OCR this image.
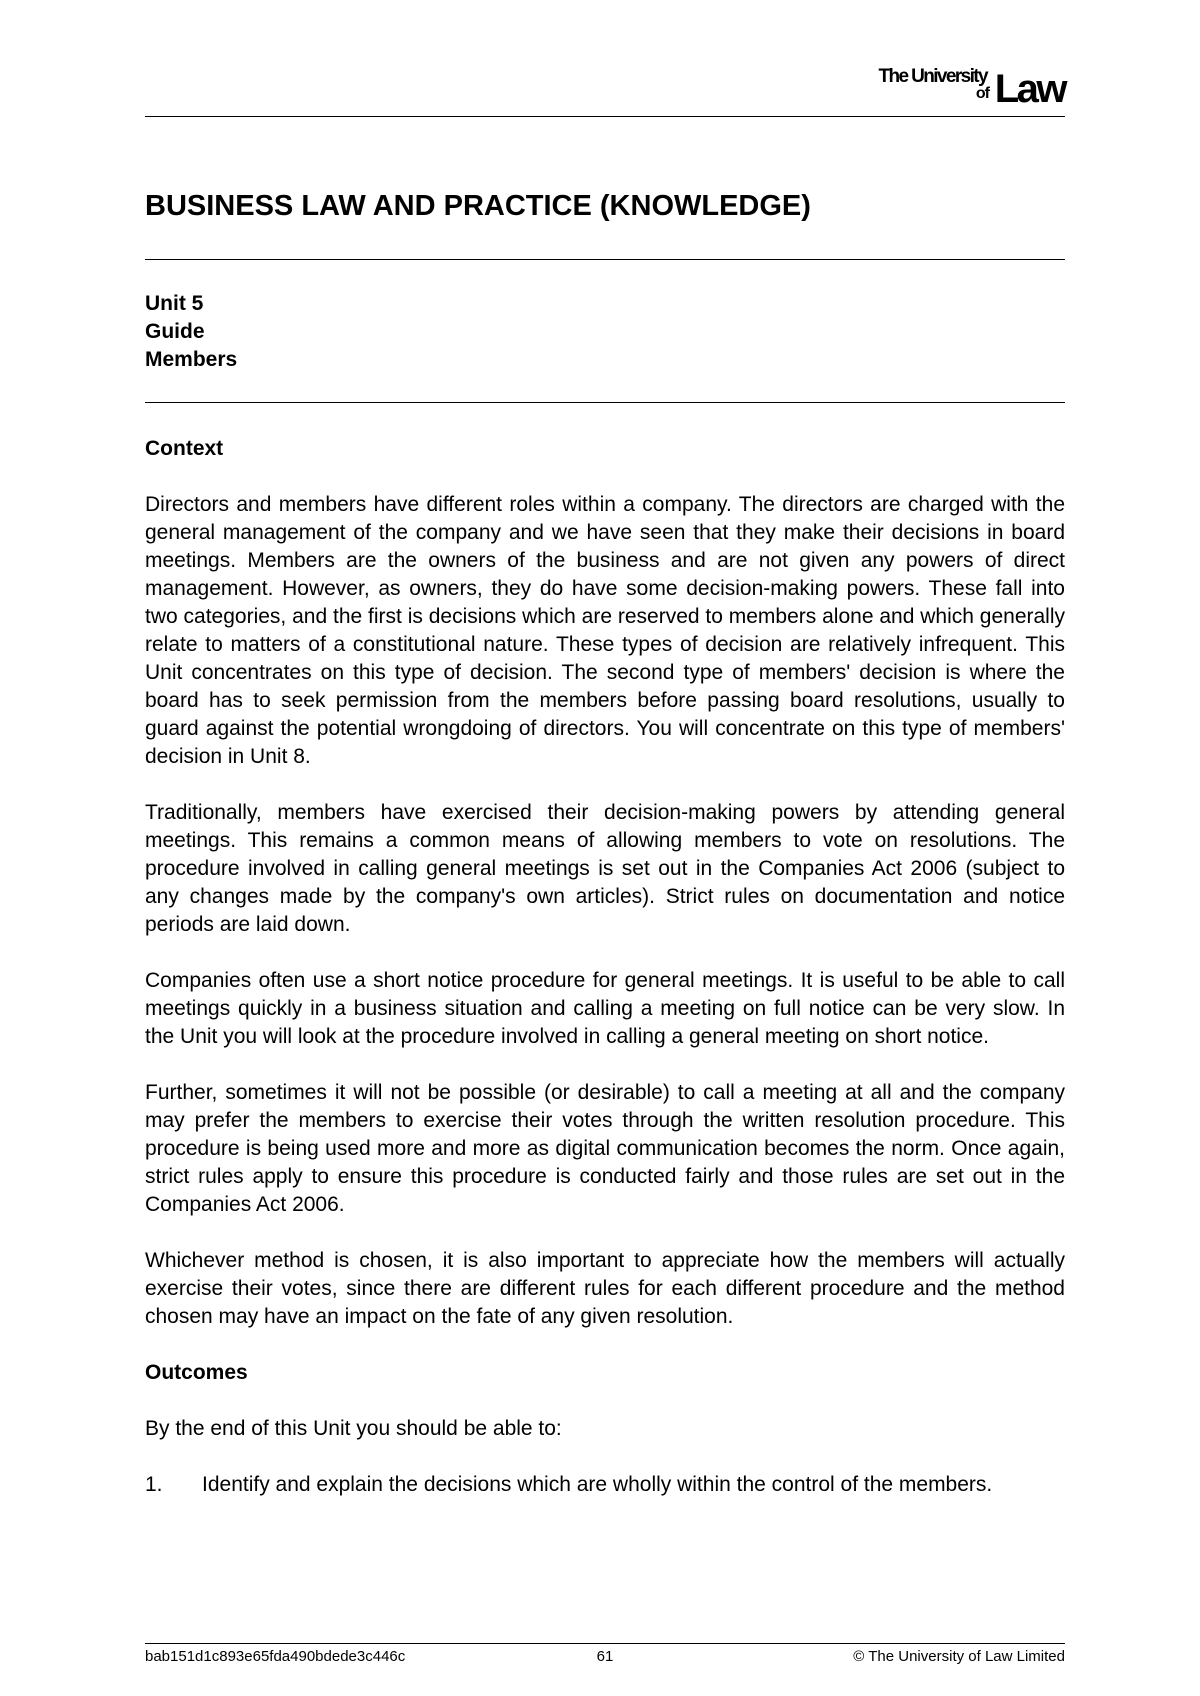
The University
of Law
BUSINESS LAW AND PRACTICE (KNOWLEDGE)
Unit 5
Guide
Members
Context

Directors and members have different roles within a company. The directors are charged with the general management of the company and we have seen that they make their decisions in board meetings. Members are the owners of the business and are not given any powers of direct management. However, as owners, they do have some decision-making powers. These fall into two categories, and the first is decisions which are reserved to members alone and which generally relate to matters of a constitutional nature. These types of decision are relatively infrequent. This Unit concentrates on this type of decision. The second type of members' decision is where the board has to seek permission from the members before passing board resolutions, usually to guard against the potential wrongdoing of directors. You will concentrate on this type of members' decision in Unit 8.

Traditionally, members have exercised their decision-making powers by attending general meetings. This remains a common means of allowing members to vote on resolutions. The procedure involved in calling general meetings is set out in the Companies Act 2006 (subject to any changes made by the company's own articles). Strict rules on documentation and notice periods are laid down.

Companies often use a short notice procedure for general meetings. It is useful to be able to call meetings quickly in a business situation and calling a meeting on full notice can be very slow. In the Unit you will look at the procedure involved in calling a general meeting on short notice.

Further, sometimes it will not be possible (or desirable) to call a meeting at all and the company may prefer the members to exercise their votes through the written resolution procedure. This procedure is being used more and more as digital communication becomes the norm. Once again, strict rules apply to ensure this procedure is conducted fairly and those rules are set out in the Companies Act 2006.

Whichever method is chosen, it is also important to appreciate how the members will actually exercise their votes, since there are different rules for each different procedure and the method chosen may have an impact on the fate of any given resolution.

Outcomes

By the end of this Unit you should be able to:

1. Identify and explain the decisions which are wholly within the control of the members.
bab151d1c893e65fda490bdede3c446c	61	© The University of Law Limited
